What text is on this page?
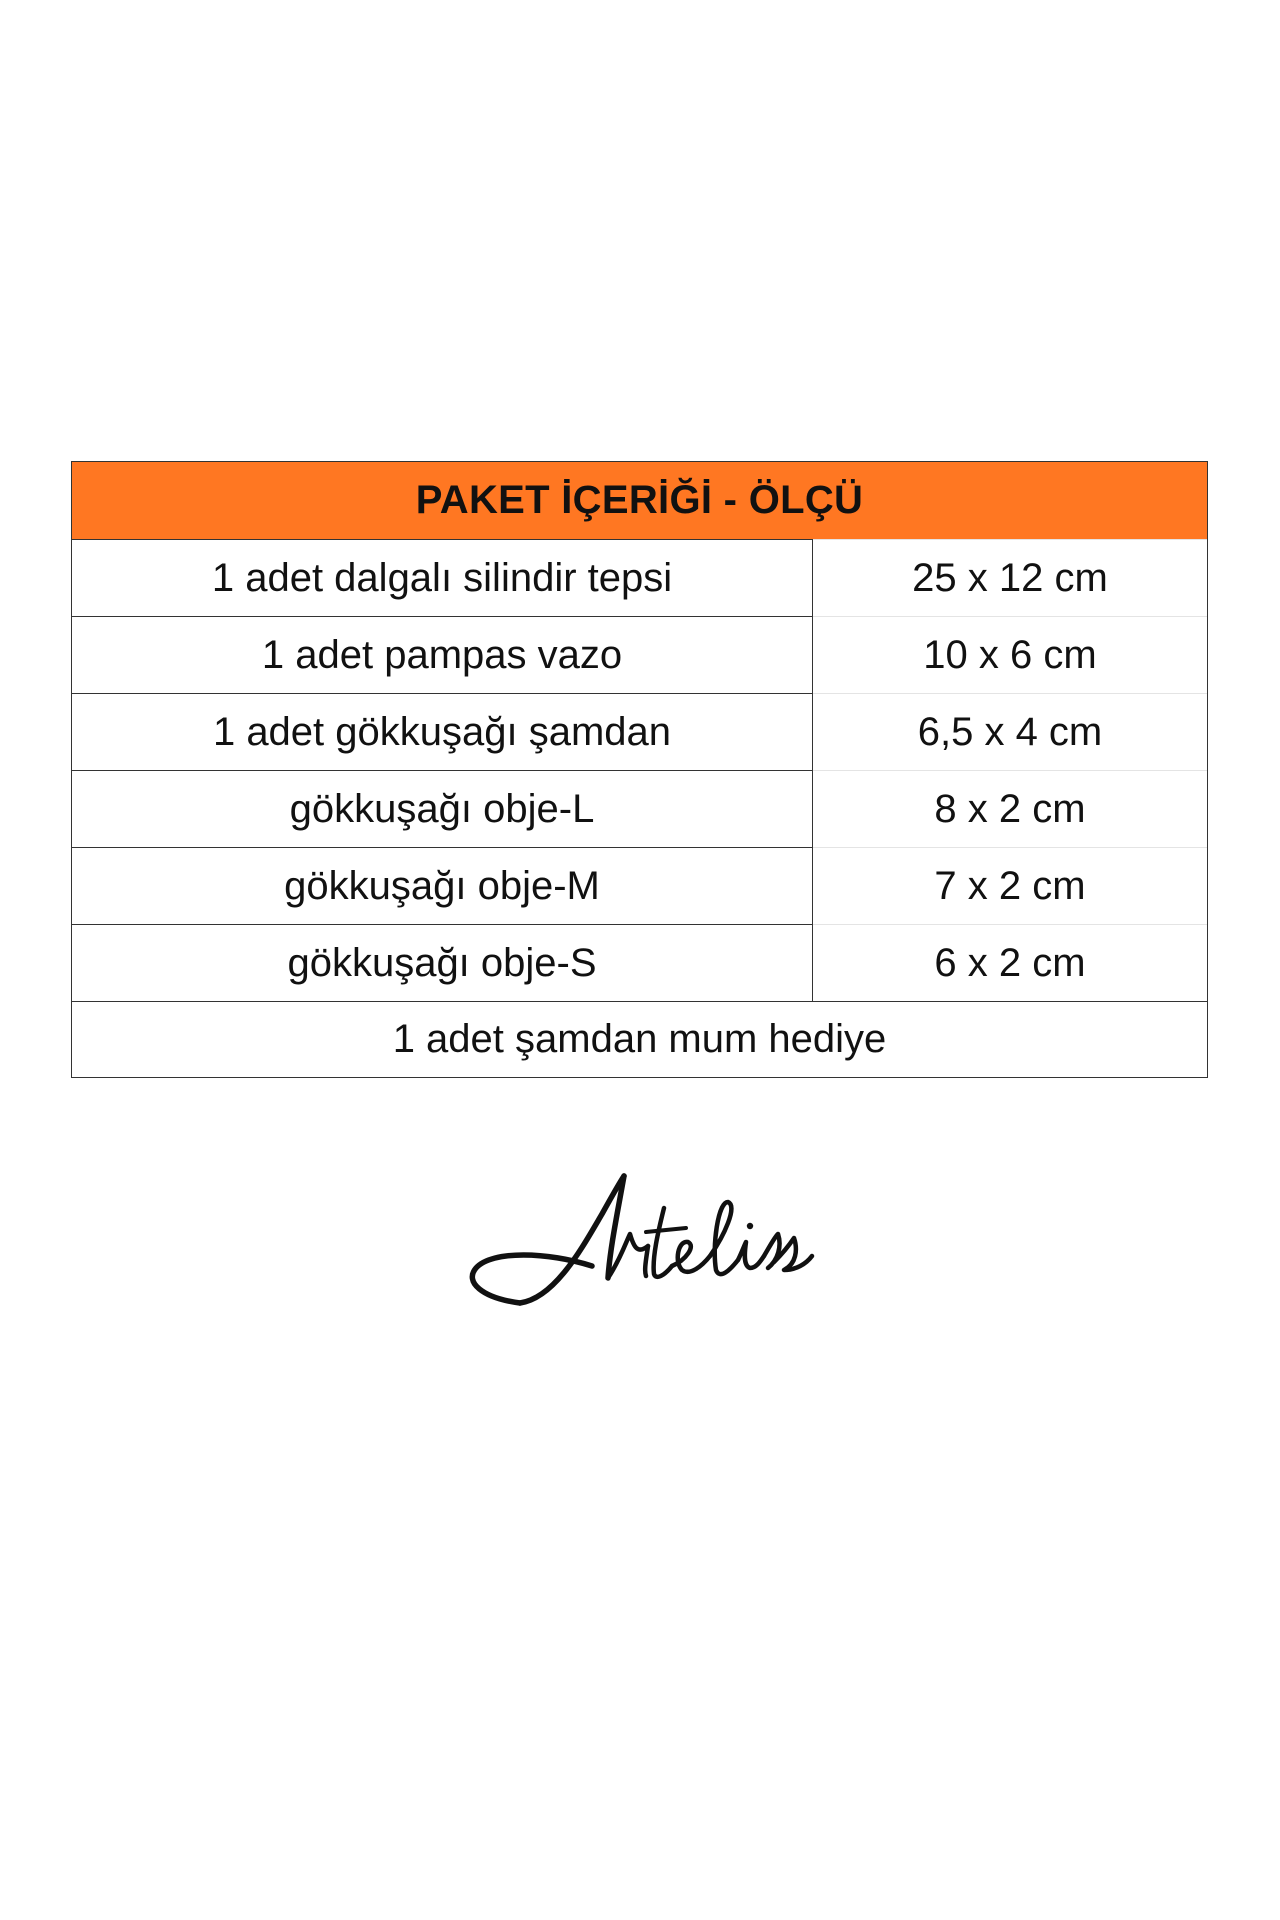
PAKET İÇERİĞİ - ÖLÇÜ
1 adet dalgalı silindir tepsi	25 x 12 cm
1 adet pampas vazo	10 x 6 cm
1 adet gökkuşağı şamdan	6,5 x 4 cm
gökkuşağı obje-L	8 x 2 cm
gökkuşağı obje-M	7 x 2 cm
gökkuşağı obje-S	6 x 2 cm
1 adet şamdan mum hediye
